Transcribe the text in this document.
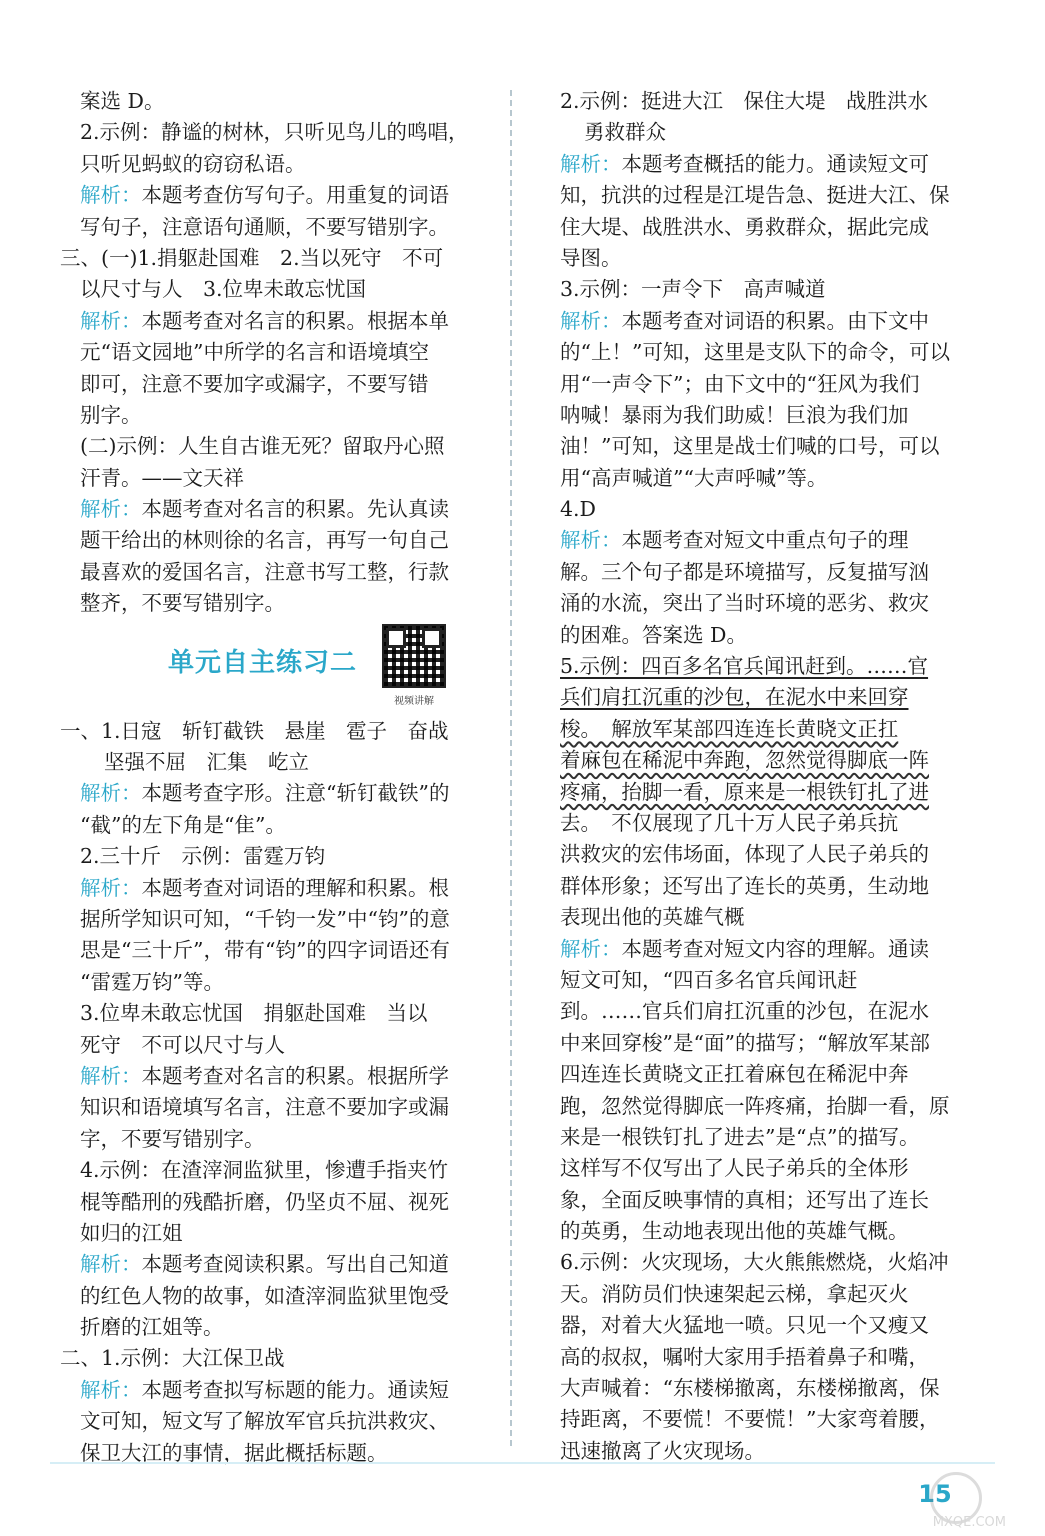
案选 D。
2.示例：静谧的树林，只听见鸟儿的鸣唱，
只听见蚂蚁的窃窃私语。
解析：本题考查仿写句子。用重复的词语
写句子，注意语句通顺，不要写错别字。
三、(一)1.捐躯赴国难　2.当以死守　不可
以尺寸与人　3.位卑未敢忘忧国
解析：本题考查对名言的积累。根据本单
元“语文园地”中所学的名言和语境填空
即可，注意不要加字或漏字，不要写错
别字。
(二)示例：人生自古谁无死？留取丹心照
汗青。——文天祥
解析：本题考查对名言的积累。先认真读
题干给出的林则徐的名言，再写一句自己
最喜欢的爱国名言，注意书写工整，行款
整齐，不要写错别字。
单元自主练习二
视频讲解
一、1.日寇　斩钉截铁　悬崖　雹子　奋战
坚强不屈　汇集　屹立
解析：本题考查字形。注意“斩钉截铁”的
“截”的左下角是“隹”。
2.三十斤　示例：雷霆万钧
解析：本题考查对词语的理解和积累。根
据所学知识可知，“千钧一发”中“钧”的意
思是“三十斤”，带有“钧”的四字词语还有
“雷霆万钧”等。
3.位卑未敢忘忧国　捐躯赴国难　当以
死守　不可以尺寸与人
解析：本题考查对名言的积累。根据所学
知识和语境填写名言，注意不要加字或漏
字，不要写错别字。
4.示例：在渣滓洞监狱里，惨遭手指夹竹
棍等酷刑的残酷折磨，仍坚贞不屈、视死
如归的江姐
解析：本题考查阅读积累。写出自己知道
的红色人物的故事，如渣滓洞监狱里饱受
折磨的江姐等。
二、1.示例：大江保卫战
解析：本题考查拟写标题的能力。通读短
文可知，短文写了解放军官兵抗洪救灾、
保卫大江的事情，据此概括标题。
2.示例：挺进大江　保住大堤　战胜洪水
勇救群众
解析：本题考查概括的能力。通读短文可
知，抗洪的过程是江堤告急、挺进大江、保
住大堤、战胜洪水、勇救群众，据此完成
导图。
3.示例：一声令下　高声喊道
解析：本题考查对词语的积累。由下文中
的“上！”可知，这里是支队下的命令，可以
用“一声令下”；由下文中的“狂风为我们
呐喊！暴雨为我们助威！巨浪为我们加
油！”可知，这里是战士们喊的口号，可以
用“高声喊道”“大声呼喊”等。
4.D
解析：本题考查对短文中重点句子的理
解。三个句子都是环境描写，反复描写汹
涌的水流，突出了当时环境的恶劣、救灾
的困难。答案选 D。
5.示例：四百多名官兵闻讯赶到。……官
兵们肩扛沉重的沙包，在泥水中来回穿
梭。　解放军某部四连连长黄晓文正扛
着麻包在稀泥中奔跑，忽然觉得脚底一阵
疼痛，抬脚一看，原来是一根铁钉扎了进
去。　不仅展现了几十万人民子弟兵抗
洪救灾的宏伟场面，体现了人民子弟兵的
群体形象；还写出了连长的英勇，生动地
表现出他的英雄气概
解析：本题考查对短文内容的理解。通读
短文可知，“四百多名官兵闻讯赶
到。……官兵们肩扛沉重的沙包，在泥水
中来回穿梭”是“面”的描写；“解放军某部
四连连长黄晓文正扛着麻包在稀泥中奔
跑，忽然觉得脚底一阵疼痛，抬脚一看，原
来是一根铁钉扎了进去”是“点”的描写。
这样写不仅写出了人民子弟兵的全体形
象，全面反映事情的真相；还写出了连长
的英勇，生动地表现出他的英雄气概。
6.示例：火灾现场，大火熊熊燃烧，火焰冲
天。消防员们快速架起云梯，拿起灭火
器，对着大火猛地一喷。只见一个又瘦又
高的叔叔，嘱咐大家用手捂着鼻子和嘴，
大声喊着：“东楼梯撤离，东楼梯撤离，保
持距离，不要慌！不要慌！”大家弯着腰，
迅速撤离了火灾现场。
15
MXQE.COM
